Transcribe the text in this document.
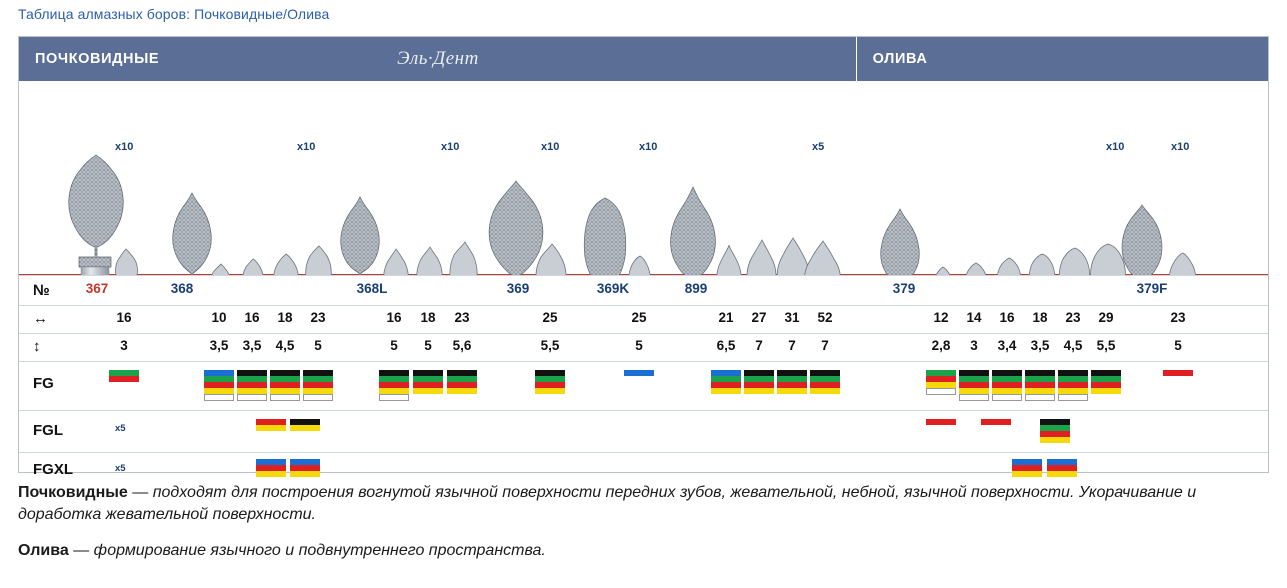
Таблица алмазных боров: Почковидные/Олива
ПОЧКОВИДНЫЕ	ОЛИВА
Эль·Дент
x10	x10	x10	x10	x10	x5	x10	x10
№	367	368	368L	369	369K	899	379	379F
↔	16	10 16 18 23	16 18 23	25	25	21 27 31 52	12 14 16 18 23 29	23
↕	3	3,5 3,5 4,5 5	5 5 5,6	5,5	5	6,5 7 7 7	2,8 3 3,4 3,5 4,5 5,5	5
FG
FGL	x5
FGXL	x5
Почковидные — подходят для построения вогнутой язычной поверхности передних зубов, жевательной, небной, язычной поверхности. Укорачивание и доработка жевательной поверхности.
Олива — формирование язычного и подвнутреннего пространства.
